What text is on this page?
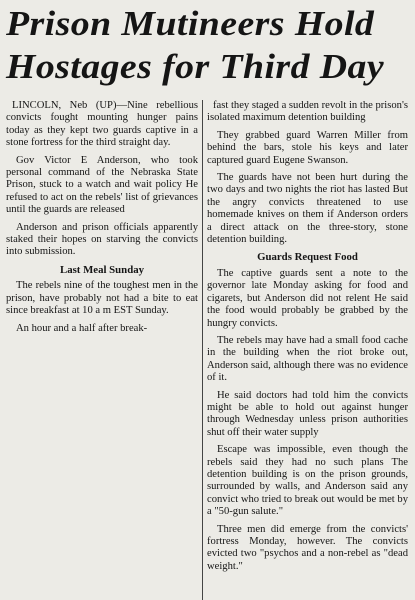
Prison Mutineers Hold
Hostages for Third Day

LINCOLN, Neb (UP)—Nine rebellious convicts fought mounting hunger pains today as they kept two guards captive in a stone fortress for the third straight day.

Gov Victor E Anderson, who took personal command of the Nebraska State Prison, stuck to a watch and wait policy He refused to act on the rebels' list of grievances until the guards are released

Anderson and prison officials apparently staked their hopes on starving the convicts into submission.

Last Meal Sunday

The rebels nine of the toughest men in the prison, have probably not had a bite to eat since breakfast at 10 a m EST Sunday.

An hour and a half after break-

fast they staged a sudden revolt in the prison's isolated maximum detention building

They grabbed guard Warren Miller from behind the bars, stole his keys and later captured guard Eugene Swanson.

The guards have not been hurt during the two days and two nights the riot has lasted But the angry convicts threatened to use homemade knives on them if Anderson orders a direct attack on the three-story, stone detention building.

Guards Request Food

The captive guards sent a note to the governor late Monday asking for food and cigarets, but Anderson did not relent He said the food would probably be grabbed by the hungry convicts.

The rebels may have had a small food cache in the building when the riot broke out, Anderson said, although there was no evidence of it.

He said doctors had told him the convicts might be able to hold out against hunger through Wednesday unless prison authorities shut off their water supply

Escape was impossible, even though the rebels said they had no such plans The detention building is on the prison grounds, surrounded by walls, and Anderson said any convict who tried to break out would be met by a "50-gun salute."

Three men did emerge from the convicts' fortress Monday, however. The convicts evicted two "psychos and a non-rebel as "dead weight."
